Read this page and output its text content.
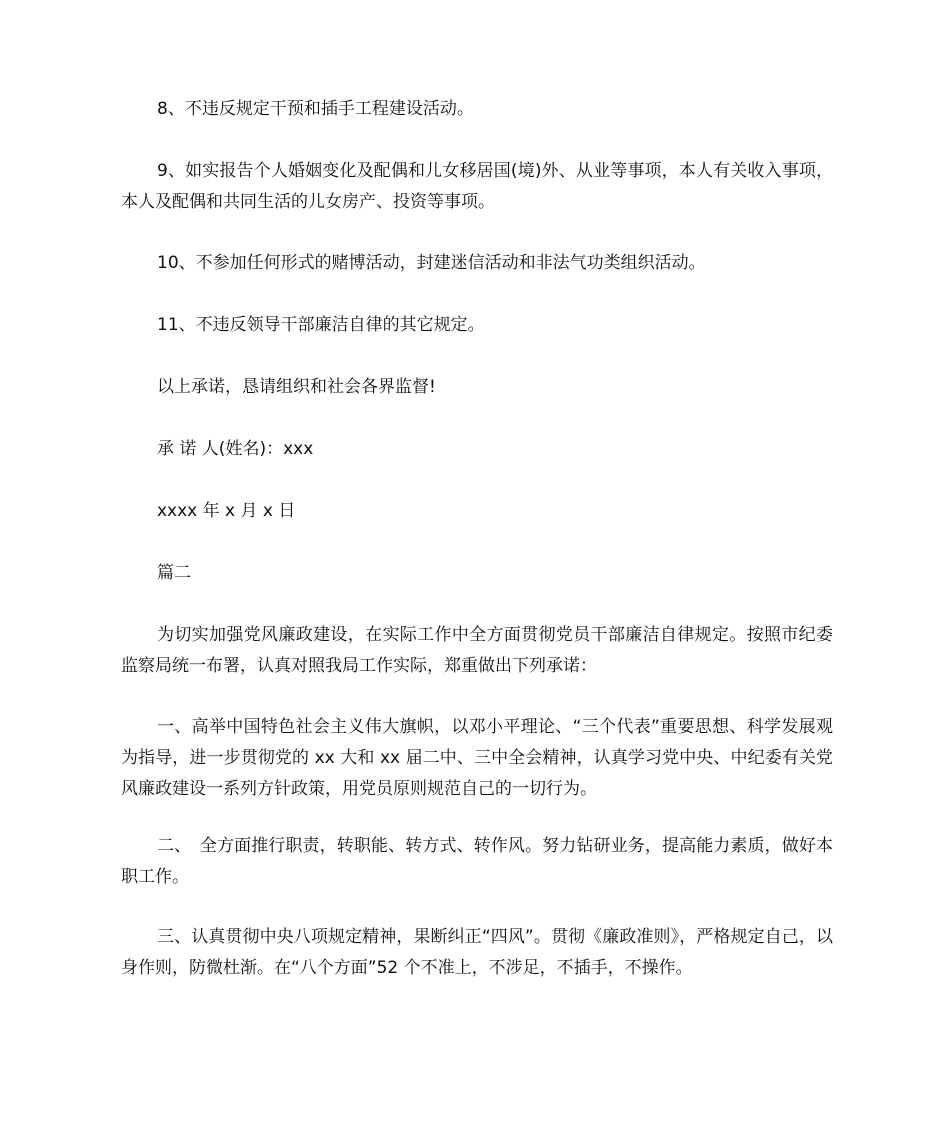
8、不违反规定干预和插手工程建设活动。

9、如实报告个人婚姻变化及配偶和儿女移居国(境)外、从业等事项，本人有关收入事项，本人及配偶和共同生活的儿女房产、投资等事项。

10、不参加任何形式的赌博活动，封建迷信活动和非法气功类组织活动。

11、不违反领导干部廉洁自律的其它规定。

以上承诺，恳请组织和社会各界监督!

承 诺 人(姓名)：xxx

xxxx 年 x 月 x 日

篇二

为切实加强党风廉政建设，在实际工作中全方面贯彻党员干部廉洁自律规定。按照市纪委监察局统一布署，认真对照我局工作实际，郑重做出下列承诺：

一、高举中国特色社会主义伟大旗帜，以邓小平理论、“三个代表”重要思想、科学发展观为指导，进一步贯彻党的 xx 大和 xx 届二中、三中全会精神，认真学习党中央、中纪委有关党风廉政建设一系列方针政策，用党员原则规范自己的一切行为。

二、　全方面推行职责，转职能、转方式、转作风。努力钻研业务，提高能力素质，做好本职工作。

三、认真贯彻中央八项规定精神，果断纠正“四风”。贯彻《廉政准则》，严格规定自己，以身作则，防微杜渐。在“八个方面”52 个不准上，不涉足，不插手，不操作。
